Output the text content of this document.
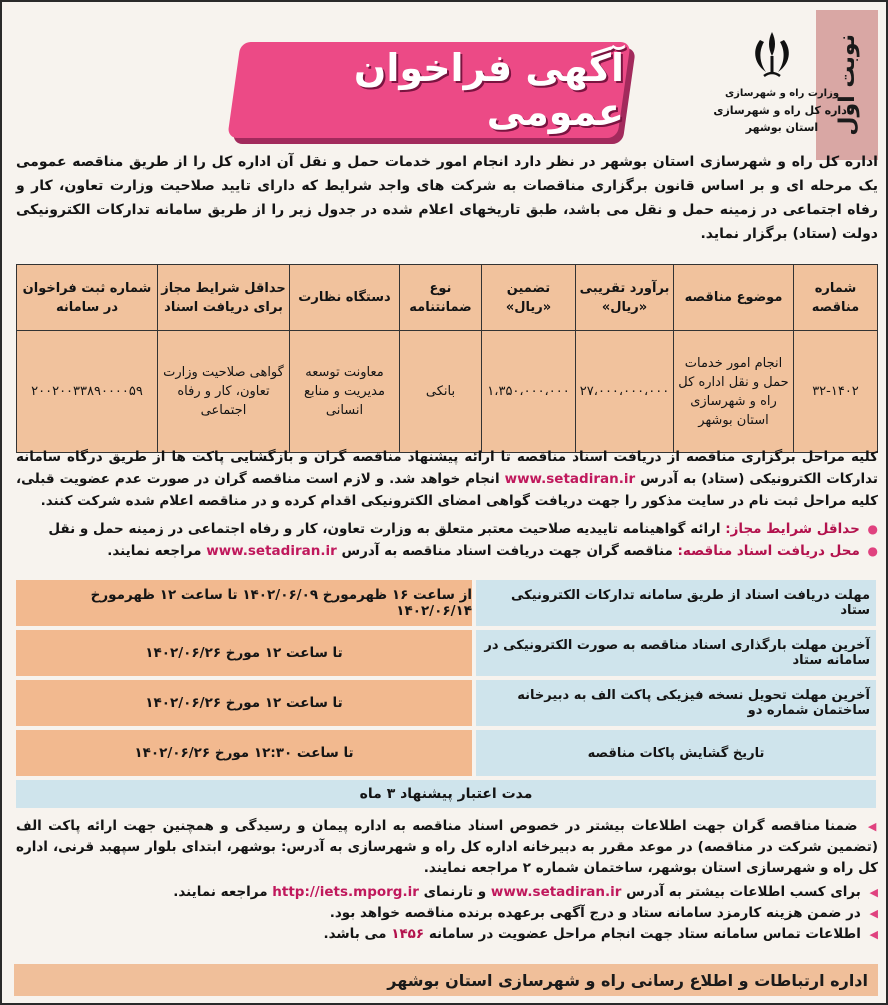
نوبت اول
آگهی فراخوان عمومی	وزارت راه و شهرسازی
اداره کل راه و شهرسازی استان بوشهر
اداره کل راه و شهرسازی استان بوشهر در نظر دارد انجام امور خدمات حمل و نقل آن اداره کل را از طریق مناقصه عمومی یک مرحله ای و بر اساس قانون برگزاری مناقصات به شرکت های واجد شرایط که دارای تایید صلاحیت وزارت تعاون، کار و رفاه اجتماعی در زمینه حمل و نقل می باشد، طبق تاریخهای اعلام شده در جدول زیر را از طریق سامانه تدارکات الکترونیکی دولت (ستاد) برگزار نماید.
شماره مناقصه	موضوع مناقصه	برآورد تقریبی «ریال»	تضمین «ریال»	نوع ضمانتنامه	دستگاه نظارت	حداقل شرایط مجاز برای دریافت اسناد	شماره ثبت فراخوان در سامانه
۳۲-۱۴۰۲	انجام امور خدمات حمل و نقل اداره کل راه و شهرسازی استان بوشهر	۲۷،۰۰۰،۰۰۰،۰۰۰	۱،۳۵۰،۰۰۰،۰۰۰	بانکی	معاونت توسعه مدیریت و منابع انسانی	گواهی صلاحیت وزارت تعاون، کار و رفاه اجتماعی	۲۰۰۲۰۰۳۳۸۹۰۰۰۰۵۹
کلیه مراحل برگزاری مناقصه از دریافت اسناد مناقصه تا ارائه پیشنهاد مناقصه گران و بازگشایی پاکت ها از طریق درگاه سامانه تدارکات الکترونیکی (ستاد) به آدرس www.setadiran.ir انجام خواهد شد. و لازم است مناقصه گران در صورت عدم عضویت قبلی، کلیه مراحل ثبت نام در سایت مذکور را جهت دریافت گواهی امضای الکترونیکی اقدام کرده و در مناقصه اعلام شده شرکت کنند.
● حداقل شرایط مجاز: ارائه گواهینامه تاییدیه صلاحیت معتبر متعلق به وزارت تعاون، کار و رفاه اجتماعی در زمینه حمل و نقل
● محل دریافت اسناد مناقصه: مناقصه گران جهت دریافت اسناد مناقصه به آدرس www.setadiran.ir مراجعه نمایند.
مهلت دریافت اسناد از طریق سامانه تدارکات الکترونیکی ستاد
از ساعت ۱۶ ظهرمورخ ۱۴۰۲/۰۶/۰۹ تا ساعت ۱۲ ظهرمورخ ۱۴۰۲/۰۶/۱۴
آخرین مهلت بارگذاری اسناد مناقصه به صورت الکترونیکی در سامانه ستاد
تا ساعت ۱۲ مورخ ۱۴۰۲/۰۶/۲۶
آخرین مهلت تحویل نسخه فیزیکی پاکت الف به دبیرخانه ساختمان شماره دو
تا ساعت ۱۲ مورخ ۱۴۰۲/۰۶/۲۶
تاریخ گشایش پاکات مناقصه
تا ساعت ۱۲:۳۰ مورخ ۱۴۰۲/۰۶/۲۶
مدت اعتبار پیشنهاد ۳ ماه
◀ ضمنا مناقصه گران جهت اطلاعات بیشتر در خصوص اسناد مناقصه به اداره پیمان و رسیدگی و همچنین جهت ارائه پاکت الف (تضمین شرکت در مناقصه) در موعد مقرر به دبیرخانه اداره کل راه و شهرسازی به آدرس: بوشهر، ابتدای بلوار سپهبد قرنی، اداره کل راه و شهرسازی استان بوشهر، ساختمان شماره ۲ مراجعه نمایند.
◀ برای کسب اطلاعات بیشتر به آدرس www.setadiran.ir و تارنمای http://iets.mporg.ir مراجعه نمایند.
◀ در ضمن هزینه کارمزد سامانه ستاد و درج آگهی برعهده برنده مناقصه خواهد بود.
◀ اطلاعات تماس سامانه ستاد جهت انجام مراحل عضویت در سامانه ۱۴۵۶ می باشد.
اداره ارتباطات و اطلاع رسانی راه و شهرسازی استان بوشهر
